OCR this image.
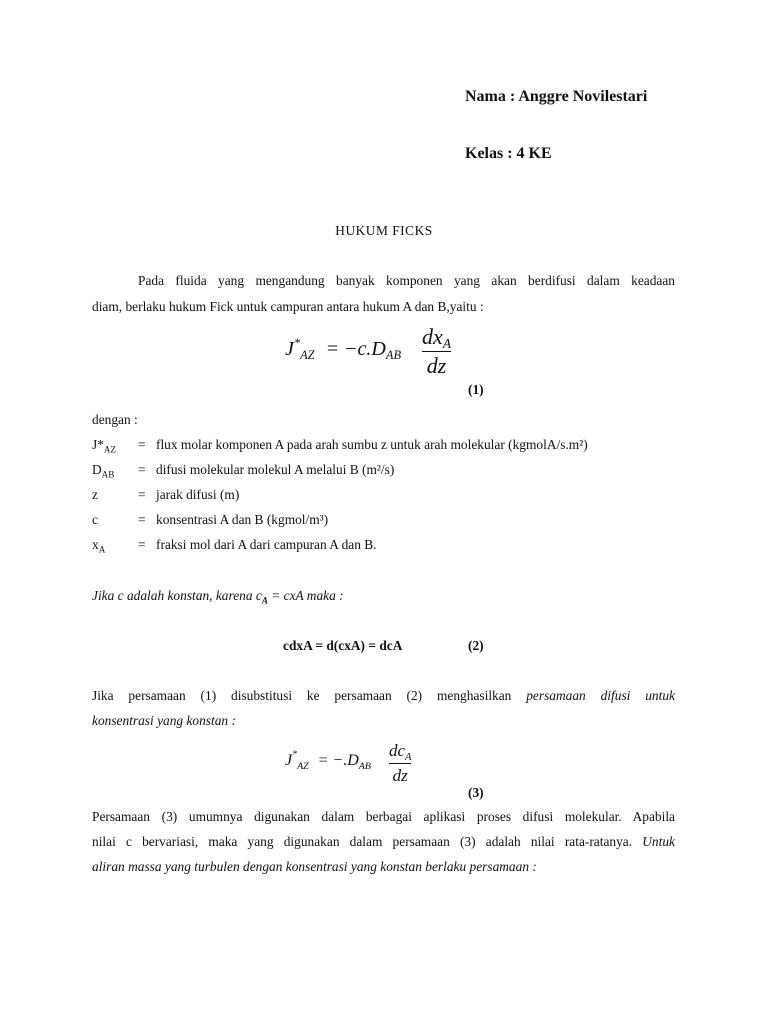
Nama : Anggre Novilestari
Kelas : 4 KE
HUKUM FICKS
Pada fluida yang mengandung banyak komponen yang akan berdifusi dalam keadaan
diam, berlaku hukum Fick untuk campuran antara hukum A dan B,yaitu :
$J^*_{AZ} = -c.D_{AB}$
dxA
dz
(1)
dengan :
$J*_{AZ}$ = flux molar komponen A pada arah sumbu z untuk arah molekular (kgmolA/s.m²)
$D_{AB}$ = difusi molekular molekul A melalui B (m²/s)
z	= jarak difusi (m)
c	= konsentrasi A dan B (kgmol/m³)
$x_A$ = fraksi mol dari A dari campuran A dan B.
Jika c adalah konstan, karena $c_A$ = cxA maka :
cdxA = d(cxA) = dcA	(2)
Jika persamaan (1) disubstitusi ke persamaan (2) menghasilkan persamaan difusi untuk
konsentrasi yang konstan :
$J^*_{AZ} = -.D_{AB}$
$dc_A$
dz
(3)
Persamaan (3) umumnya digunakan dalam berbagai aplikasi proses difusi molekular. Apabila
nilai c bervariasi, maka yang digunakan dalam persamaan (3) adalah nilai rata-ratanya. Untuk
aliran massa yang turbulen dengan konsentrasi yang konstan berlaku persamaan :
